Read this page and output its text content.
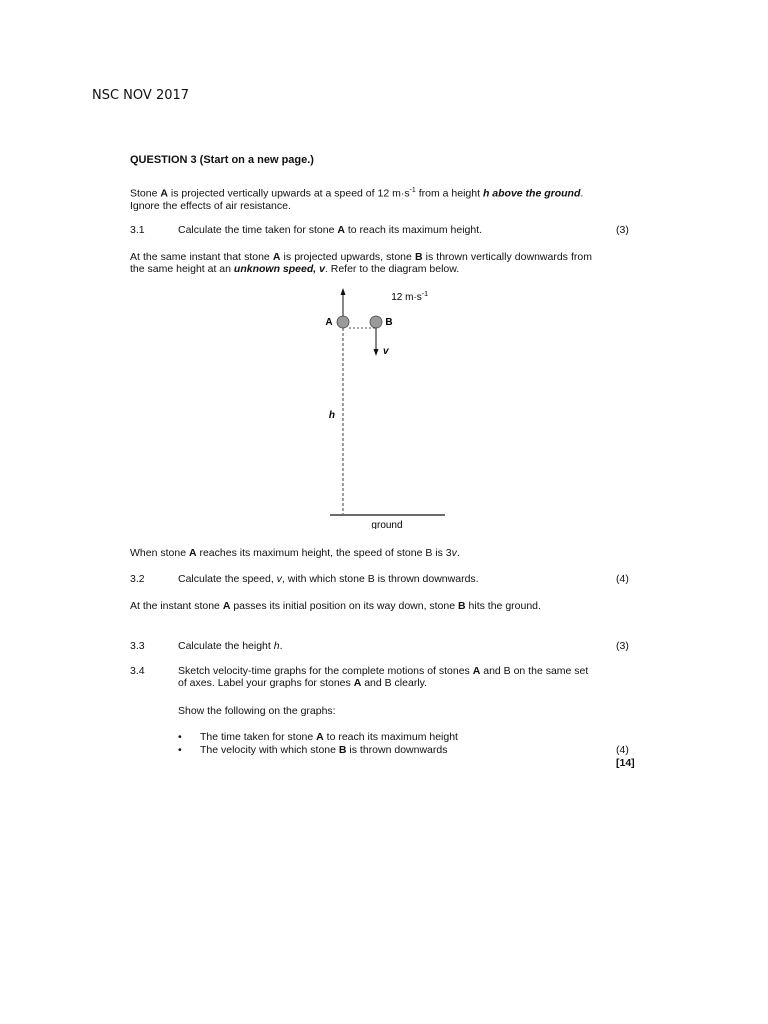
NSC NOV 2017
QUESTION 3 (Start on a new page.)
Stone A is projected vertically upwards at a speed of 12 $m\cdot s^{-1}$ from a height h above the ground. Ignore the effects of air resistance.
3.1	Calculate the time taken for stone A to reach its maximum height.	(3)
At the same instant that stone A is projected upwards, stone B is thrown vertically downwards from the same height at an unknown speed, v. Refer to the diagram below.
12 $m\cdot s^{-1}$
A	B
v
h
ground
When stone A reaches its maximum height, the speed of stone B is 3v.
3.2	Calculate the speed, v, with which stone B is thrown downwards.	(4)
At the instant stone A passes its initial position on its way down, stone B hits the ground.
3.3	Calculate the height h.	(3)
3.4	Sketch velocity-time graphs for the complete motions of stones A and B on the same set of axes. Label your graphs for stones A and B clearly.
Show the following on the graphs:
• The time taken for stone A to reach its maximum height
• The velocity with which stone B is thrown downwards	(4)
[14]
